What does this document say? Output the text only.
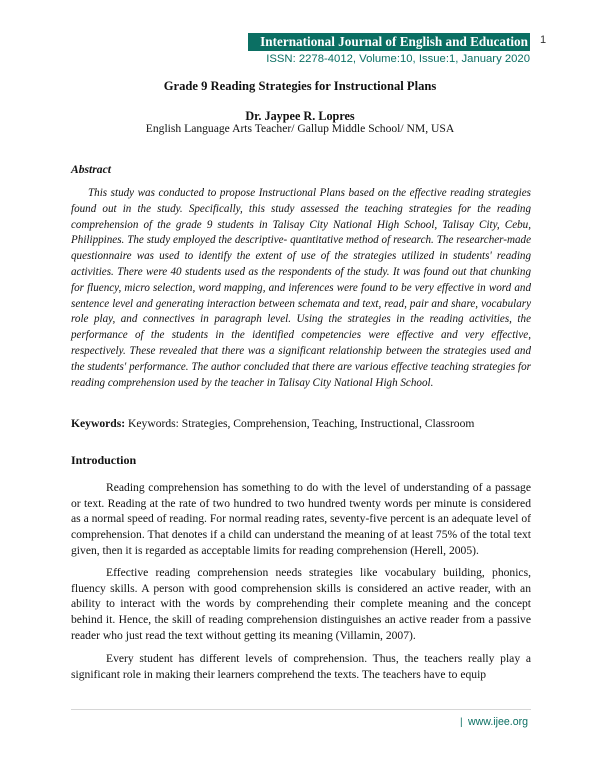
International Journal of English and Education 1
ISSN: 2278-4012, Volume:10, Issue:1, January 2020
Grade 9 Reading Strategies for Instructional Plans
Dr. Jaypee R. Lopres
English Language Arts Teacher/ Gallup Middle School/ NM, USA
Abstract

This study was conducted to propose Instructional Plans based on the effective reading strategies found out in the study. Specifically, this study assessed the teaching strategies for the reading comprehension of the grade 9 students in Talisay City National High School, Talisay City, Cebu, Philippines. The study employed the descriptive- quantitative method of research. The researcher-made questionnaire was used to identify the extent of use of the strategies utilized in students' reading activities. There were 40 students used as the respondents of the study. It was found out that chunking for fluency, micro selection, word mapping, and inferences were found to be very effective in word and sentence level and generating interaction between schemata and text, read, pair and share, vocabulary role play, and connectives in paragraph level. Using the strategies in the reading activities, the performance of the students in the identified competencies were effective and very effective, respectively. These revealed that there was a significant relationship between the strategies used and the students' performance. The author concluded that there are various effective teaching strategies for reading comprehension used by the teacher in Talisay City National High School.

Keywords: Keywords: Strategies, Comprehension, Teaching, Instructional, Classroom
Introduction

Reading comprehension has something to do with the level of understanding of a passage or text. Reading at the rate of two hundred to two hundred twenty words per minute is considered as a normal speed of reading. For normal reading rates, seventy-five percent is an adequate level of comprehension. That denotes if a child can understand the meaning of at least 75% of the total text given, then it is regarded as acceptable limits for reading comprehension (Herell, 2005).

Effective reading comprehension needs strategies like vocabulary building, phonics, fluency skills. A person with good comprehension skills is considered an active reader, with an ability to interact with the words by comprehending their complete meaning and the concept behind it. Hence, the skill of reading comprehension distinguishes an active reader from a passive reader who just read the text without getting its meaning (Villamin, 2007).

Every student has different levels of comprehension. Thus, the teachers really play a significant role in making their learners comprehend the texts. The teachers have to equip

| www.ijee.org
